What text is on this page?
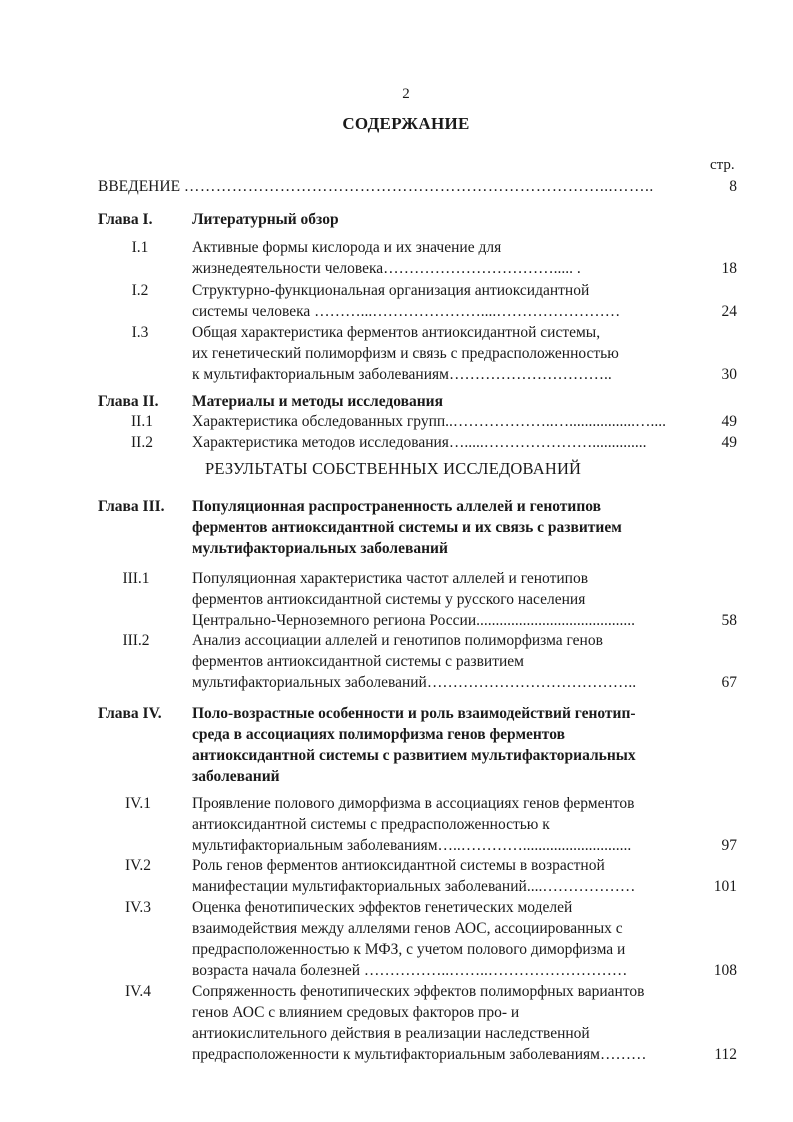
2
СОДЕРЖАНИЕ
стр.
ВВЕДЕНИЕ ……………………………………………………………………...……..	8
Глава I.	Литературный обзор
I.1	Активные формы кислорода и их значение для
жизнедеятельности человека……………………………..... .	18
I.2	Структурно-функциональная организация антиоксидантной
системы человека ………...…………………....……………………	24
I.3	Общая характеристика ферментов антиоксидантной системы,
их генетический полиморфизм и связь с предрасположенностью
к мультифакториальным заболеваниям…………………………..	30
Глава II. Материалы и методы исследования
II.1	Характеристика обследованных групп..………………..….................…....	49
II.2	Характеристика методов исследования….....…………………..............	49
РЕЗУЛЬТАТЫ СОБСТВЕННЫХ ИССЛЕДОВАНИЙ
Глава III. Популяционная распространенность аллелей и генотипов
ферментов антиоксидантной системы и их связь с развитием
мультифакториальных заболеваний
III.1	Популяционная характеристика частот аллелей и генотипов
ферментов антиоксидантной системы у русского населения
Центрально-Черноземного региона России.........................................	58
III.2	Анализ ассоциации аллелей и генотипов полиморфизма генов
ферментов антиоксидантной системы с развитием
мультифакториальных заболеваний…………………………………..	67
Глава IV. Поло-возрастные особенности и роль взаимодействий генотип-
среда в ассоциациях полиморфизма генов ферментов
антиоксидантной системы с развитием мультифакториальных
заболеваний
IV.1	Проявление полового диморфизма в ассоциациях генов ферментов
антиоксидантной системы с предрасположенностью к
мультифакториальным заболеваниям…..…………............................	97
IV.2	Роль генов ферментов антиоксидантной системы в возрастной
манифестации мультифакториальных заболеваний....………………	101
IV.3	Оценка фенотипических эффектов генетических моделей
взаимодействия между аллелями генов АОС, ассоциированных с
предрасположенностью к МФЗ, с учетом полового диморфизма и
возраста начала болезней ……………..……..………………………	108
IV.4	Сопряженность фенотипических эффектов полиморфных вариантов
генов АОС с влиянием средовых факторов про- и
антиокислительного действия в реализации наследственной
предрасположенности к мультифакториальным заболеваниям………	112
